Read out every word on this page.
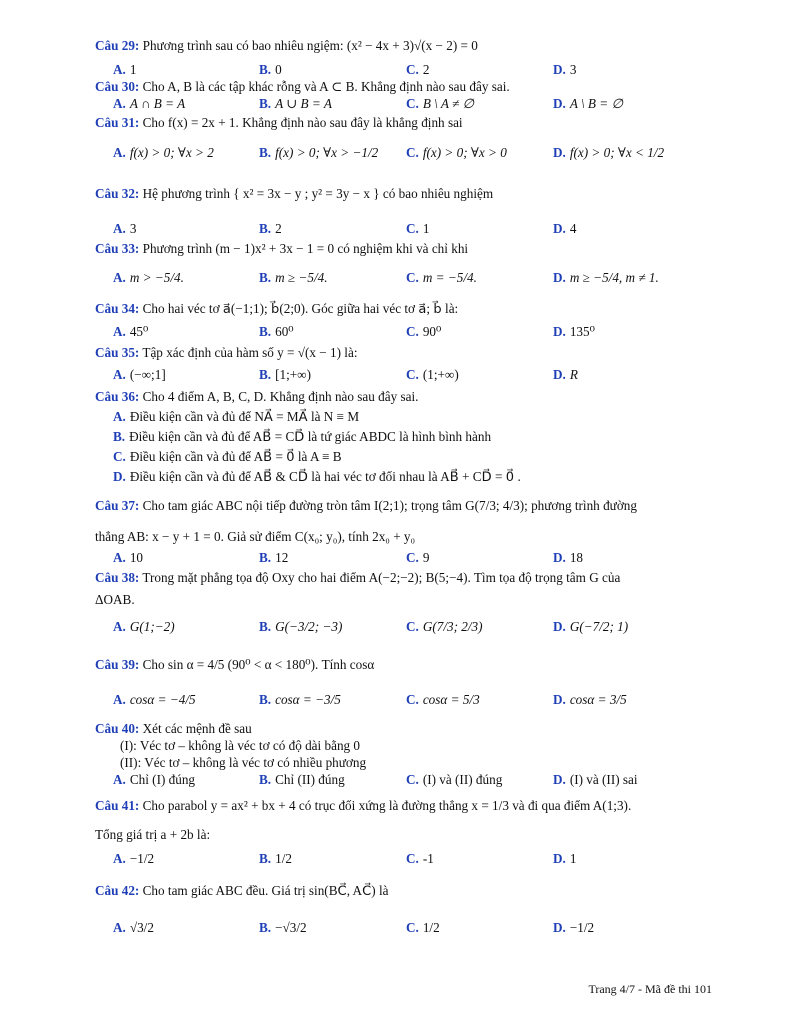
Câu 29: Phương trình sau có bao nhiêu ngiệm: (x² − 4x + 3)√(x − 2) = 0
A. 1	B. 0	C. 2	D. 3
Câu 30: Cho A, B là các tập khác rỗng và A ⊂ B. Khẳng định nào sau đây sai.
A. A ∩ B = A	B. A ∪ B = A	C. B \ A ≠ ∅	D. A \ B = ∅
Câu 31: Cho f(x) = 2x + 1. Khẳng định nào sau đây là khẳng định sai
A. f(x) > 0; ∀x > 2	B. f(x) > 0; ∀x > −1/2 C. f(x) > 0; ∀x > 0	D. f(x) > 0; ∀x < 1/2
Câu 32: Hệ phương trình { x² = 3x − y ; y² = 3y − x } có bao nhiêu nghiệm
A. 3	B. 2	C. 1	D. 4
Câu 33: Phương trình (m − 1)x² + 3x − 1 = 0 có nghiệm khi và chỉ khi
A. m > −5/4.	B. m ≥ −5/4.	C. m = −5/4.	D. m ≥ −5/4, m ≠ 1.
Câu 34: Cho hai véc tơ a⃗(−1;1); b⃗(2;0). Góc giữa hai véc tơ a⃗; b⃗ là:
A. 45⁰	B. 60⁰	C. 90⁰	D. 135⁰
Câu 35: Tập xác định của hàm số y = √(x − 1) là:
A. (−∞;1]	B. [1;+∞)	C. (1;+∞)	D. R
Câu 36: Cho 4 điểm A, B, C, D. Khẳng định nào sau đây sai.
A. Điều kiện cần và đủ để NA⃗ = MA⃗ là N ≡ M
B. Điều kiện cần và đủ để AB⃗ = CD⃗ là tứ giác ABDC là hình bình hành
C. Điều kiện cần và đủ để AB⃗ = 0⃗ là A ≡ B
D. Điều kiện cần và đủ để AB⃗ & CD⃗ là hai véc tơ đối nhau là AB⃗ + CD⃗ = 0⃗ .
Câu 37: Cho tam giác ABC nội tiếp đường tròn tâm I(2;1); trọng tâm G(7/3; 4/3); phương trình đường
thẳng AB: x − y + 1 = 0. Giả sử điểm C(x₀; y₀), tính 2x₀ + y₀
A. 10	B. 12	C. 9	D. 18
Câu 38: Trong mặt phẳng tọa độ Oxy cho hai điểm A(−2;−2); B(5;−4). Tìm tọa độ trọng tâm G của
ΔOAB.
A. G(1;−2)	B. G(−3/2; −3)	C. G(7/3; 2/3)	D. G(−7/2; 1)
Câu 39: Cho sin α = 4/5 (90⁰ < α < 180⁰). Tính cosα
A. cosα = −4/5	B. cosα = −3/5	C. cosα = 5/3	D. cosα = 3/5
Câu 40: Xét các mệnh đề sau
(I): Véc tơ – không là véc tơ có độ dài bằng 0
(II): Véc tơ – không là véc tơ có nhiều phương
A. Chỉ (I) đúng	B. Chỉ (II) đúng	C. (I) và (II) đúng	D. (I) và (II) sai
Câu 41: Cho parabol y = ax² + bx + 4 có trục đối xứng là đường thẳng x = 1/3 và đi qua điểm A(1;3).
Tổng giá trị a + 2b là:
A. −1/2	B. 1/2	C. -1	D. 1
Câu 42: Cho tam giác ABC đều. Giá trị sin(BC⃗, AC⃗) là
A. √3/2	B. −√3/2	C. 1/2	D. −1/2
Trang 4/7 - Mã đề thi 101
